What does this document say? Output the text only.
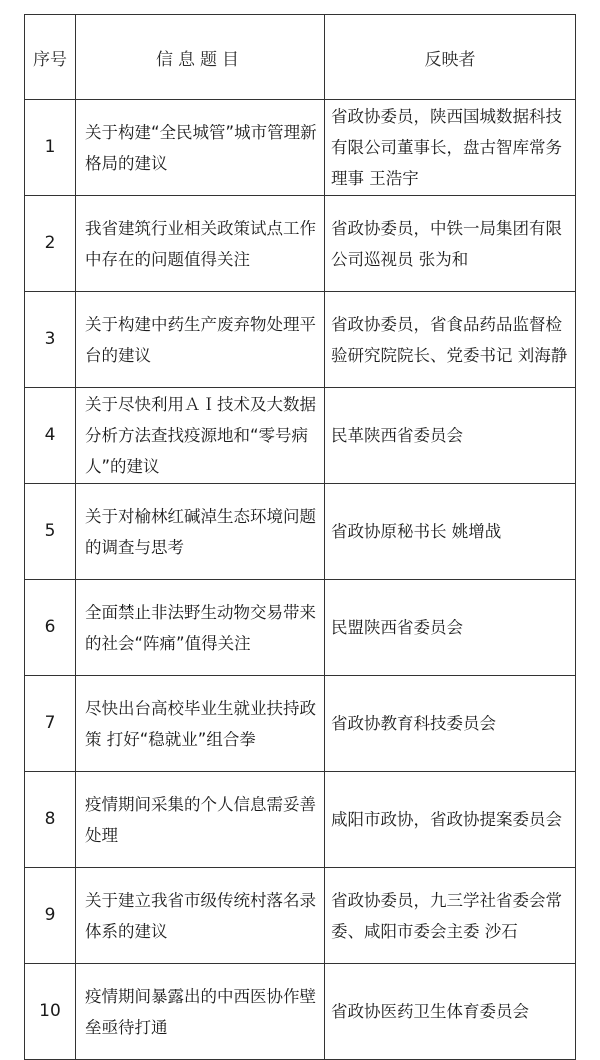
序号	信息题目	反映者
1	关于构建“全民城管”城市管理新格局的建议	省政协委员，陕西国城数据科技有限公司董事长，盘古智库常务理事 王浩宇
2	我省建筑行业相关政策试点工作中存在的问题值得关注	省政协委员，中铁一局集团有限公司巡视员 张为和
3	关于构建中药生产废弃物处理平台的建议	省政协委员，省食品药品监督检验研究院院长、党委书记 刘海静
4	关于尽快利用ＡＩ技术及大数据分析方法查找疫源地和“零号病人”的建议	民革陕西省委员会
5	关于对榆林红碱淖生态环境问题的调查与思考	省政协原秘书长 姚增战
6	全面禁止非法野生动物交易带来的社会“阵痛”值得关注	民盟陕西省委员会
7	尽快出台高校毕业生就业扶持政策 打好“稳就业”组合拳	省政协教育科技委员会
8	疫情期间采集的个人信息需妥善处理	咸阳市政协，省政协提案委员会
9	关于建立我省市级传统村落名录体系的建议	省政协委员，九三学社省委会常委、咸阳市委会主委 沙石
10	疫情期间暴露出的中西医协作壁垒亟待打通	省政协医药卫生体育委员会
